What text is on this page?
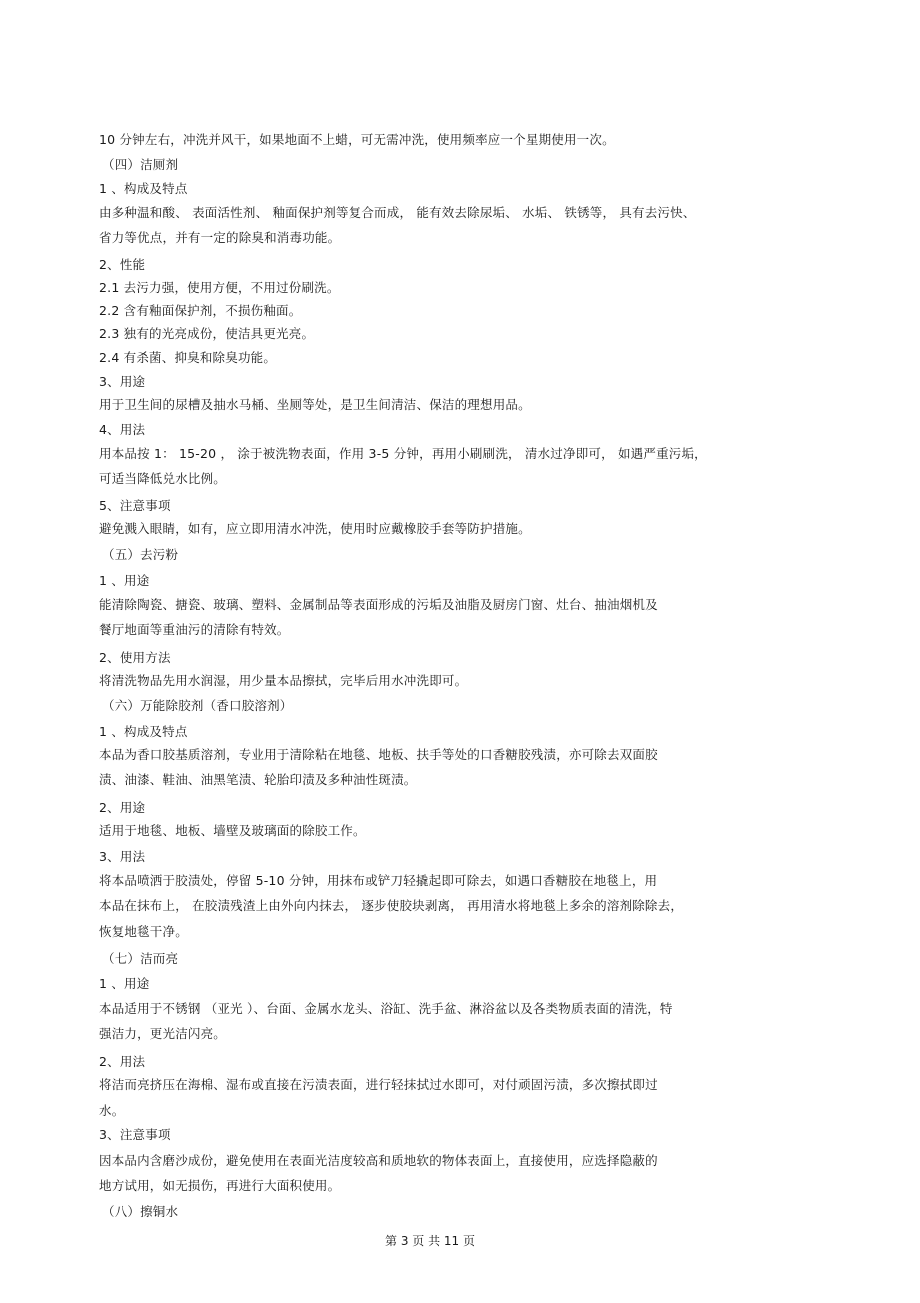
10 分钟左右，冲洗并风干，如果地面不上蜡，可无需冲洗，使用频率应一个星期使用一次。
（四）洁厕剂
1 、构成及特点
由多种温和酸、 表面活性剂、 釉面保护剂等复合而成， 能有效去除尿垢、 水垢、 铁锈等， 具有去污快、
省力等优点，并有一定的除臭和消毒功能。
2、性能
2.1 去污力强，使用方便，不用过份刷洗。
2.2 含有釉面保护剂，不损伤釉面。
2.3 独有的光亮成份，使洁具更光亮。
2.4 有杀菌、抑臭和除臭功能。
3、用途
用于卫生间的尿槽及抽水马桶、坐厕等处，是卫生间清洁、保洁的理想用品。
4、用法
用本品按 1： 15-20 ， 涂于被洗物表面，作用 3-5 分钟，再用小刷刷洗， 清水过净即可， 如遇严重污垢，
可适当降低兑水比例。
5、注意事项
避免溅入眼睛，如有，应立即用清水冲洗，使用时应戴橡胶手套等防护措施。
（五）去污粉
1 、用途
能清除陶瓷、搪瓷、玻璃、塑料、金属制品等表面形成的污垢及油脂及厨房门窗、灶台、抽油烟机及
餐厅地面等重油污的清除有特效。
2、使用方法
将清洗物品先用水润湿，用少量本品擦拭，完毕后用水冲洗即可。
（六）万能除胶剂（香口胶溶剂）
1 、构成及特点
本品为香口胶基质溶剂，专业用于清除粘在地毯、地板、扶手等处的口香糖胶残渍，亦可除去双面胶
渍、油漆、鞋油、油黑笔渍、轮胎印渍及多种油性斑渍。
2、用途
适用于地毯、地板、墙壁及玻璃面的除胶工作。
3、用法
将本品喷洒于胶渍处，停留 5-10 分钟，用抹布或铲刀轻撬起即可除去，如遇口香糖胶在地毯上，用
本品在抹布上， 在胶渍残渣上由外向内抹去， 逐步使胶块剥离， 再用清水将地毯上多余的溶剂除除去，
恢复地毯干净。
（七）洁而亮
1 、用途
本品适用于不锈钢 （亚光 ）、台面、金属水龙头、浴缸、洗手盆、淋浴盆以及各类物质表面的清洗，特
强洁力，更光洁闪亮。
2、用法
将洁而亮挤压在海棉、湿布或直接在污渍表面，进行轻抹拭过水即可，对付顽固污渍，多次擦拭即过
水。
3、注意事项
因本品内含磨沙成份，避免使用在表面光洁度较高和质地软的物体表面上，直接使用，应选择隐蔽的
地方试用，如无损伤，再进行大面积使用。
（八）擦铜水
第 3 页 共 11 页
